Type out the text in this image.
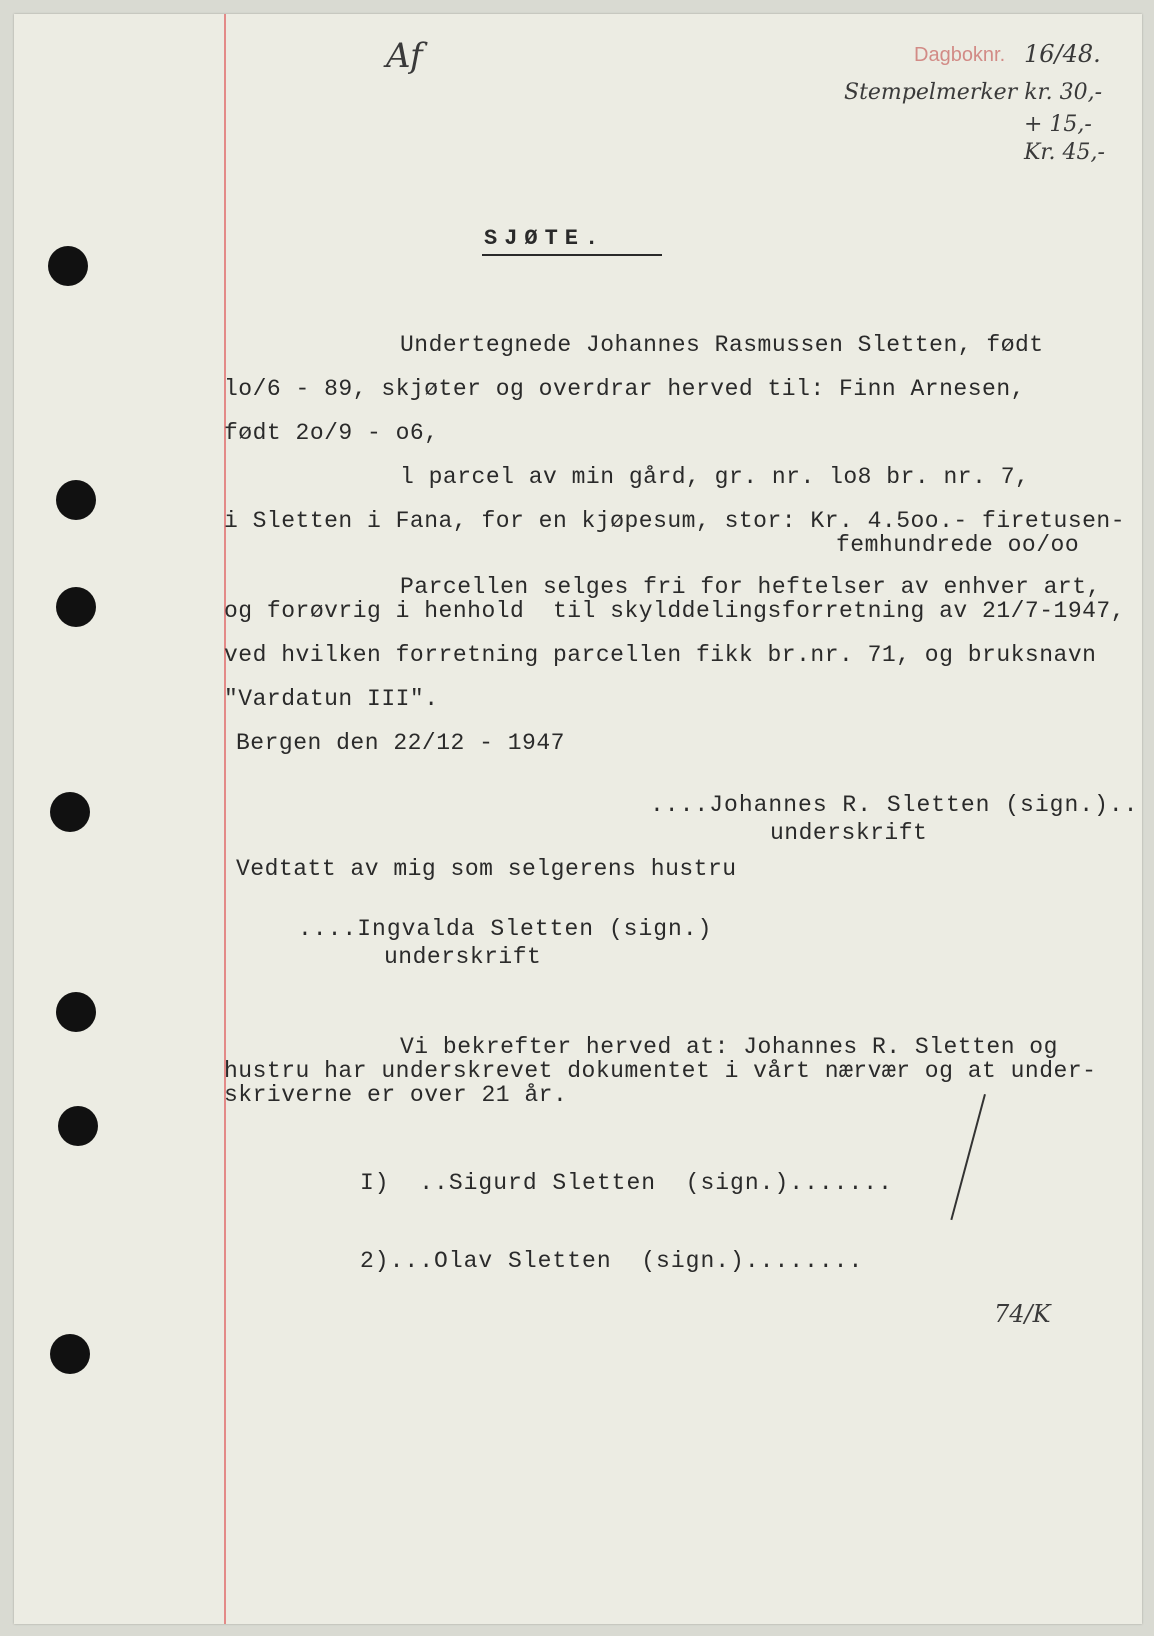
Af	Dagboknr. 16/48.
Stempelmerker kr. 30,-
+ 15,-
Kr. 45,-
SJØTE.
Undertegnede Johannes Rasmussen Sletten, født
lo/6 - 89, skjøter og overdrar herved til: Finn Arnesen,
født 2o/9 - o6,
l parcel av min gård, gr. nr. lo8 br. nr. 7,
i Sletten i Fana, for en kjøpesum, stor: Kr. 4.5oo.- firetusen-
femhundrede oo/oo
Parcellen selges fri for heftelser av enhver art,
og forøvrig i henhold  til skylddelingsforretning av 21/7-1947,
ved hvilken forretning parcellen fikk br.nr. 71, og bruksnavn
"Vardatun III".
Bergen den 22/12 - 1947
....Johannes R. Sletten (sign.)..
underskrift
Vedtatt av mig som selgerens hustru
....Ingvalda Sletten (sign.)
underskrift
Vi bekrefter herved at: Johannes R. Sletten og
hustru har underskrevet dokumentet i vårt nærvær og at under-
skriverne er over 21 år.
I)  ..Sigurd Sletten  (sign.).......
2)...Olav Sletten  (sign.)........
74/K
